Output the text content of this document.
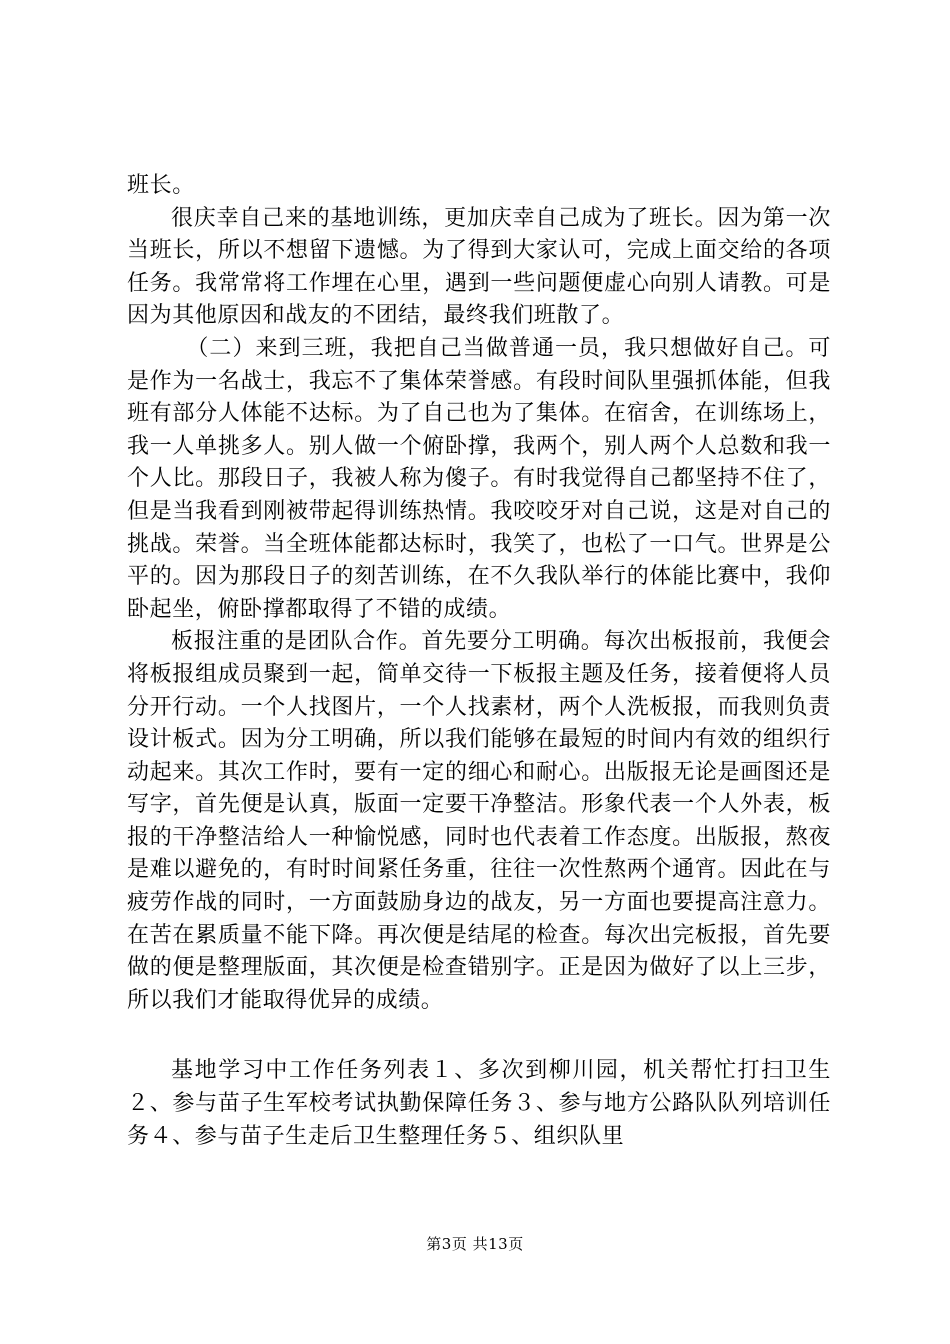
班长。

很庆幸自己来的基地训练，更加庆幸自己成为了班长。因为第一次当班长，所以不想留下遗憾。为了得到大家认可，完成上面交给的各项任务。我常常将工作埋在心里，遇到一些问题便虚心向别人请教。可是因为其他原因和战友的不团结，最终我们班散了。

（二）来到三班，我把自己当做普通一员，我只想做好自己。可是作为一名战士，我忘不了集体荣誉感。有段时间队里强抓体能，但我班有部分人体能不达标。为了自己也为了集体。在宿舍，在训练场上，我一人单挑多人。别人做一个俯卧撑，我两个，别人两个人总数和我一个人比。那段日子，我被人称为傻子。有时我觉得自己都坚持不住了，但是当我看到刚被带起得训练热情。我咬咬牙对自己说，这是对自己的挑战。荣誉。当全班体能都达标时，我笑了，也松了一口气。世界是公平的。因为那段日子的刻苦训练，在不久我队举行的体能比赛中，我仰卧起坐，俯卧撑都取得了不错的成绩。

板报注重的是团队合作。首先要分工明确。每次出板报前，我便会将板报组成员聚到一起，简单交待一下板报主题及任务，接着便将人员分开行动。一个人找图片，一个人找素材，两个人洗板报，而我则负责设计板式。因为分工明确，所以我们能够在最短的时间内有效的组织行动起来。其次工作时，要有一定的细心和耐心。出版报无论是画图还是写字，首先便是认真，版面一定要干净整洁。形象代表一个人外表，板报的干净整洁给人一种愉悦感，同时也代表着工作态度。出版报，熬夜是难以避免的，有时时间紧任务重，往往一次性熬两个通宵。因此在与疲劳作战的同时，一方面鼓励身边的战友，另一方面也要提高注意力。在苦在累质量不能下降。再次便是结尾的检查。每次出完板报，首先要做的便是整理版面，其次便是检查错别字。正是因为做好了以上三步，所以我们才能取得优异的成绩。

基地学习中工作任务列表１、多次到柳川园，机关帮忙打扫卫生２、参与苗子生军校考试执勤保障任务３、参与地方公路队队列培训任务４、参与苗子生走后卫生整理任务５、组织队里

第3页 共13页
